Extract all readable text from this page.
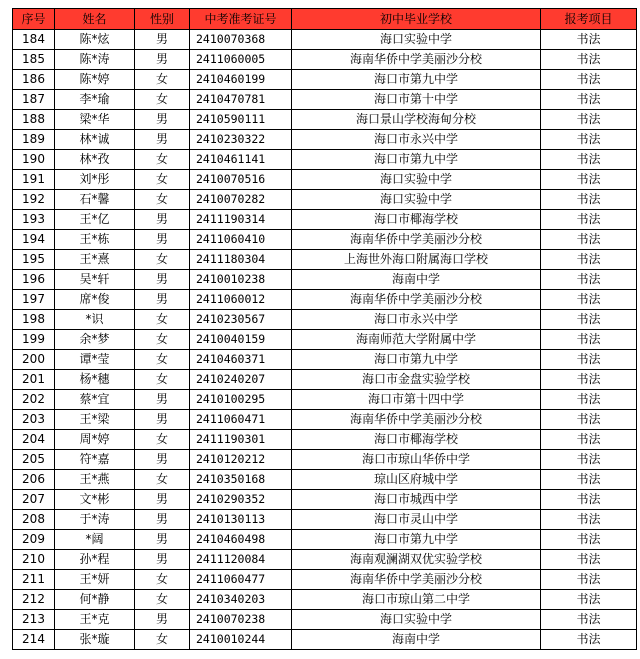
序号	姓名	性别	中考准考证号	初中毕业学校	报考项目
184	陈*炫	男	2410070368	海口实验中学	书法
185	陈*涛	男	2411060005	海南华侨中学美丽沙分校	书法
186	陈*婷	女	2410460199	海口市第九中学	书法
187	李*瑜	女	2410470781	海口市第十中学	书法
188	梁*华	男	2410590111	海口景山学校海甸分校	书法
189	林*诚	男	2410230322	海口市永兴中学	书法
190	林*孜	女	2410461141	海口市第九中学	书法
191	刘*彤	女	2410070516	海口实验中学	书法
192	石*馨	女	2410070282	海口实验中学	书法
193	王*亿	男	2411190314	海口市椰海学校	书法
194	王*栋	男	2411060410	海南华侨中学美丽沙分校	书法
195	王*熹	女	2411180304	上海世外海口附属海口学校	书法
196	吴*轩	男	2410010238	海南中学	书法
197	席*俊	男	2411060012	海南华侨中学美丽沙分校	书法
198	*识	女	2410230567	海口市永兴中学	书法
199	余*梦	女	2410040159	海南师范大学附属中学	书法
200	谭*莹	女	2410460371	海口市第九中学	书法
201	杨*穗	女	2410240207	海口市金盘实验学校	书法
202	蔡*宜	男	2410100295	海口市第十四中学	书法
203	王*梁	男	2411060471	海南华侨中学美丽沙分校	书法
204	周*婷	女	2411190301	海口市椰海学校	书法
205	符*嘉	男	2410120212	海口市琼山华侨中学	书法
206	王*燕	女	2410350168	琼山区府城中学	书法
207	文*彬	男	2410290352	海口市城西中学	书法
208	于*涛	男	2410130113	海口市灵山中学	书法
209	*阔	男	2410460498	海口市第九中学	书法
210	孙*程	男	2411120084	海南观澜湖双优实验学校	书法
211	王*妍	女	2411060477	海南华侨中学美丽沙分校	书法
212	何*静	女	2410340203	海口市琼山第二中学	书法
213	王*克	男	2410070238	海口实验中学	书法
214	张*璇	女	2410010244	海南中学	书法
